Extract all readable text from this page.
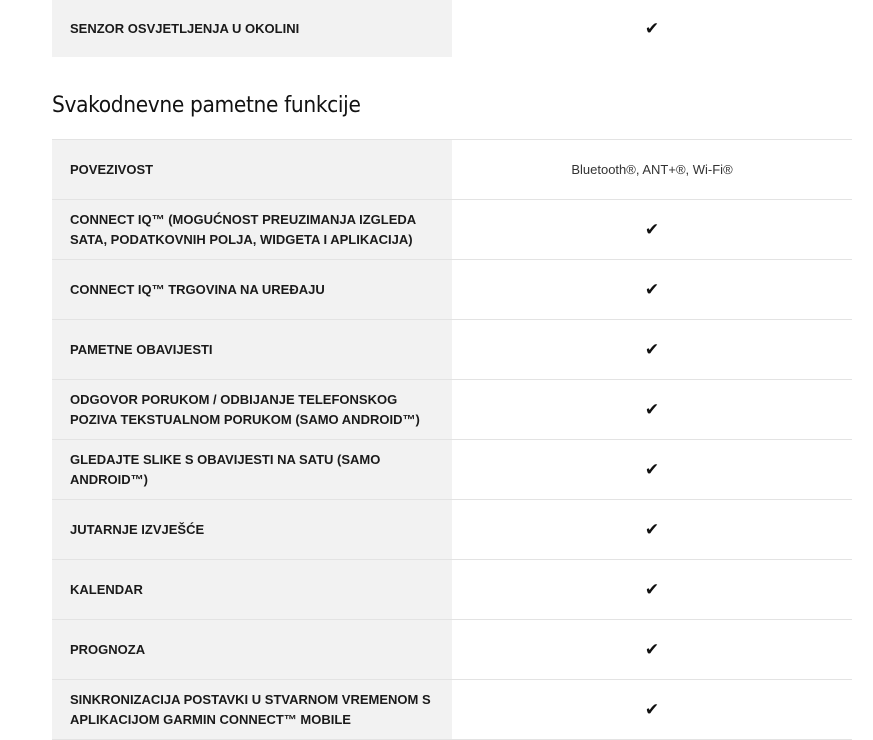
SENZOR OSVJETLJENJA U OKOLINI	✔
Svakodnevne pametne funkcije
POVEZIVOST	Bluetooth®, ANT+®, Wi-Fi®
CONNECT IQ™ (MOGUĆNOST PREUZIMANJA IZGLEDA SATA, PODATKOVNIH POLJA, WIDGETA I APLIKACIJA)	✔
CONNECT IQ™ TRGOVINA NA UREĐAJU	✔
PAMETNE OBAVIJESTI	✔
ODGOVOR PORUKOM / ODBIJANJE TELEFONSKOG POZIVA TEKSTUALNOM PORUKOM (SAMO ANDROID™)	✔
GLEDAJTE SLIKE S OBAVIJESTI NA SATU (SAMO ANDROID™)	✔
JUTARNJE IZVJEŠĆE	✔
KALENDAR	✔
PROGNOZA	✔
SINKRONIZACIJA POSTAVKI U STVARNOM VREMENOM S APLIKACIJOM GARMIN CONNECT™ MOBILE	✔
